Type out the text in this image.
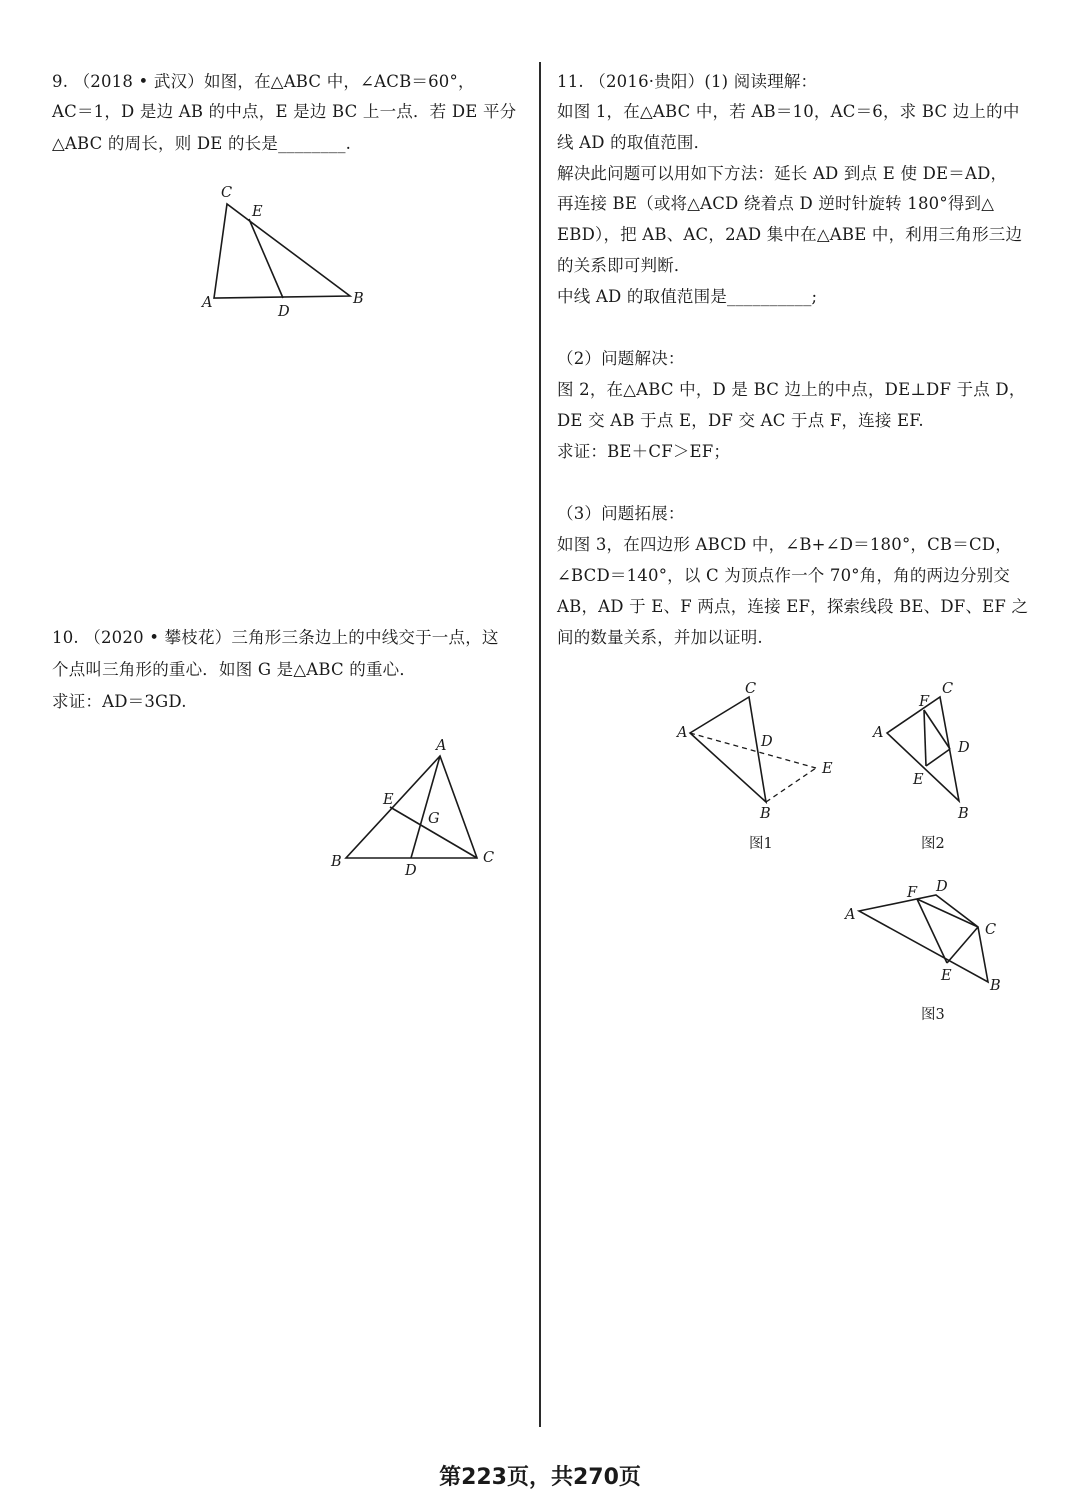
9. （2018 • 武汉）如图，在△ABC 中，∠ACB＝60°，
AC＝1，D 是边 AB 的中点，E 是边 BC 上一点．若 DE 平分
△ABC 的周长，则 DE 的长是________.
C
E
A
D
B
10. （2020 • 攀枝花）三角形三条边上的中线交于一点，这
个点叫三角形的重心．如图 G 是△ABC 的重心．
求证：AD＝3GD.
A
E
G
B
D
C
11. （2016·贵阳）(1) 阅读理解：
如图 1，在△ABC 中，若 AB＝10，AC＝6，求 BC 边上的中
线 AD 的取值范围．
解决此问题可以用如下方法：延长 AD 到点 E 使 DE＝AD，
再连接 BE（或将△ACD 绕着点 D 逆时针旋转 180°得到△
EBD），把 AB、AC，2AD 集中在△ABE 中，利用三角形三边
的关系即可判断．
中线 AD 的取值范围是__________;
（2）问题解决：
图 2，在△ABC 中，D 是 BC 边上的中点，DE⊥DF 于点 D，
DE 交 AB 于点 E，DF 交 AC 于点 F，连接 EF.
求证：BE＋CF＞EF；
（3）问题拓展：
如图 3，在四边形 ABCD 中，∠B+∠D＝180°，CB＝CD，
∠BCD＝140°，以 C 为顶点作一个 70°角，角的两边分别交
AB，AD 于 E、F 两点，连接 EF，探索线段 BE、DF、EF 之
间的数量关系，并加以证明.
C
A
D
E
B
图1
F
C
A
D
E
B
图2
F D
A
C
E
B
图3
第223页，共270页
